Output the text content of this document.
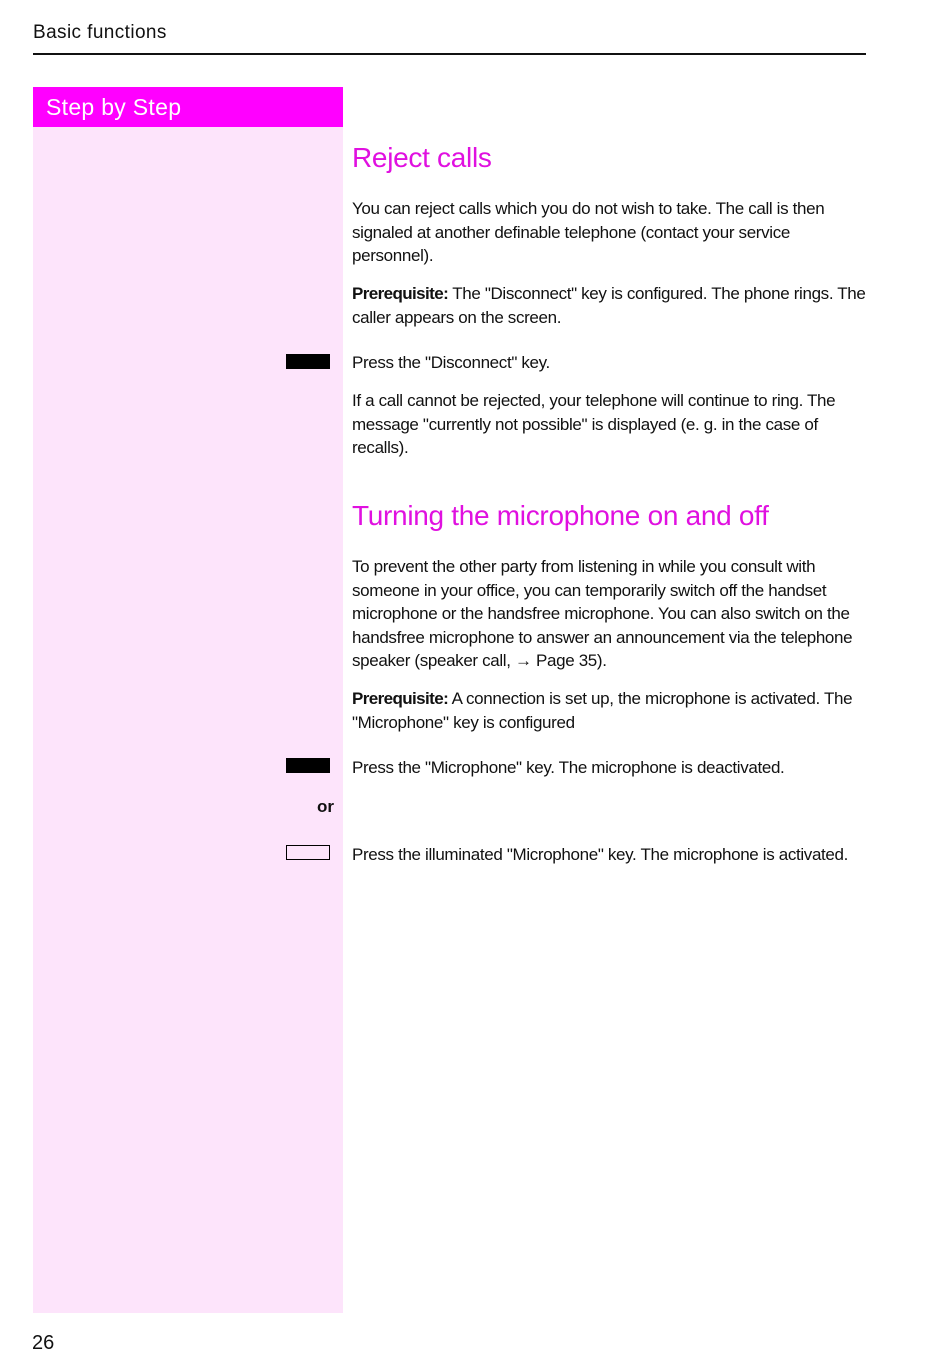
Basic functions
Step by Step
Reject calls

You can reject calls which you do not wish to take. The call is then signaled at another definable telephone (contact your service personnel).

Prerequisite: The "Disconnect" key is configured. The phone rings. The caller appears on the screen.

Press the "Disconnect" key.

If a call cannot be rejected, your telephone will continue to ring. The message "currently not possible" is displayed (e. g. in the case of recalls).

Turning the microphone on and off

To prevent the other party from listening in while you consult with someone in your office, you can temporarily switch off the handset microphone or the handsfree microphone. You can also switch on the handsfree microphone to answer an announcement via the telephone speaker (speaker call, → Page 35).

Prerequisite: A connection is set up, the microphone is activated. The "Microphone" key is configured

Press the "Microphone" key. The microphone is deactivated.

or

Press the illuminated "Microphone" key. The microphone is activated.

26
